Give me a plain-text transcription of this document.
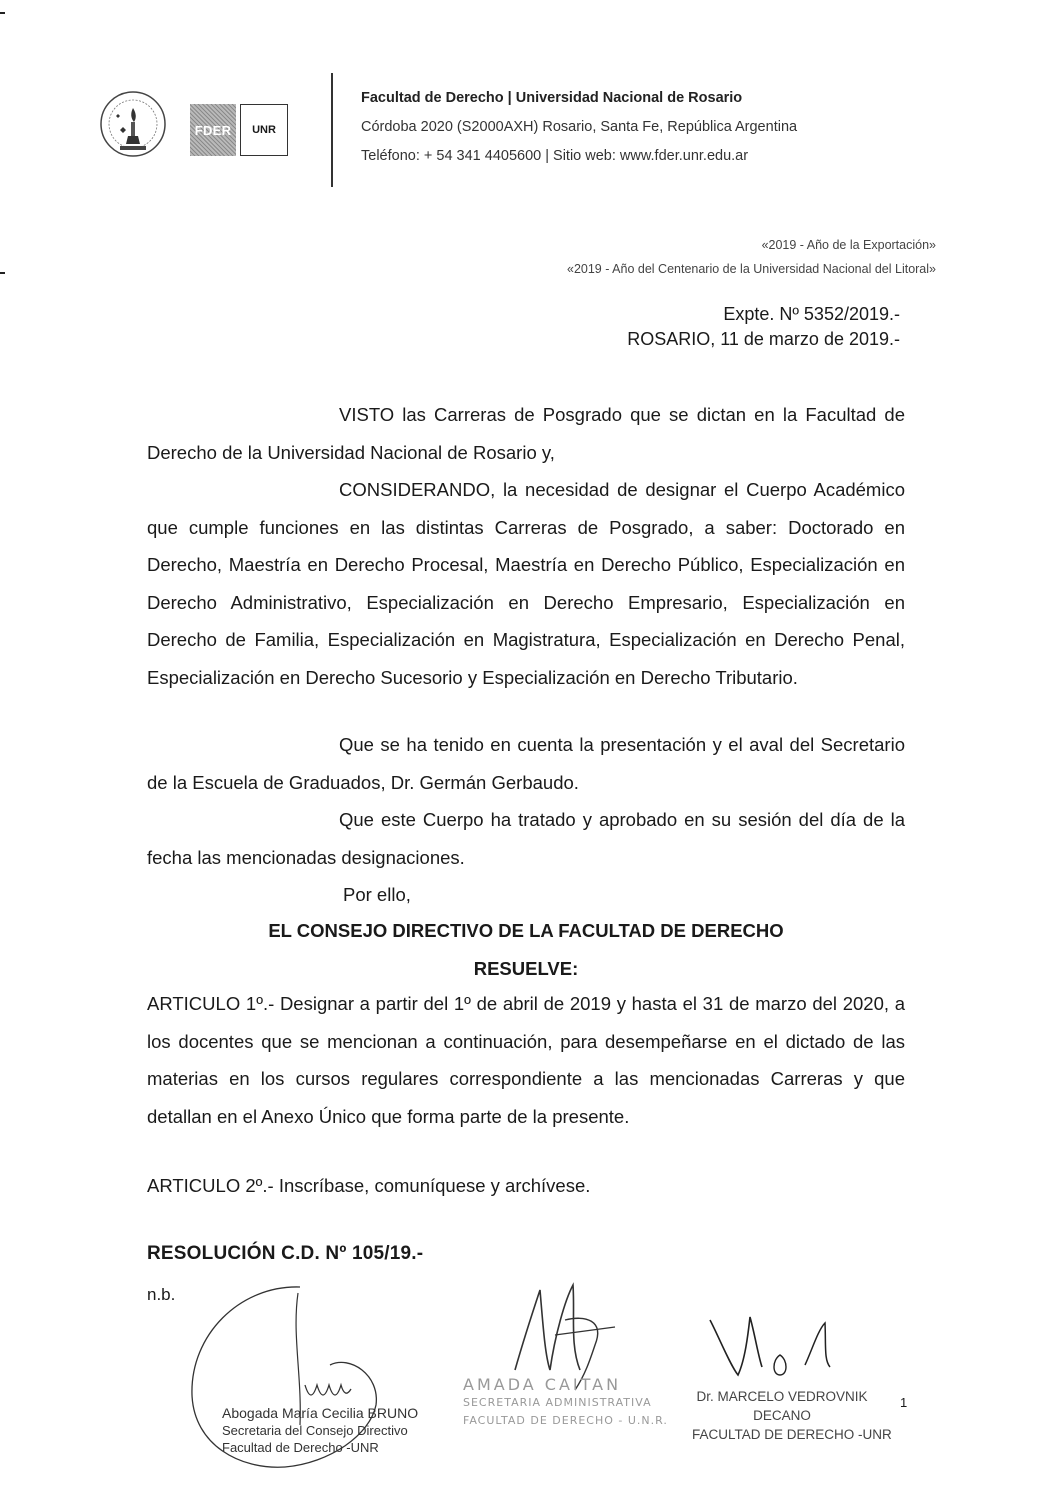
FDER	UNR
Facultad de Derecho | Universidad Nacional de Rosario
Córdoba 2020 (S2000AXH) Rosario, Santa Fe, República Argentina
Teléfono: + 54 341 4405600 | Sitio web: www.fder.unr.edu.ar
«2019 - Año de la Exportación»
«2019 - Año del Centenario de la Universidad Nacional del Litoral»
Expte. Nº 5352/2019.-
ROSARIO, 11 de marzo de 2019.-
VISTO las Carreras de Posgrado que se dictan en la Facultad de Derecho de la Universidad Nacional de Rosario y,
CONSIDERANDO, la necesidad de designar el Cuerpo Académico que cumple funciones en las distintas Carreras de Posgrado, a saber: Doctorado en Derecho, Maestría en Derecho Procesal, Maestría en Derecho Público, Especialización en Derecho Administrativo, Especialización en Derecho Empresario, Especialización en Derecho de Familia, Especialización en Magistratura, Especialización en Derecho Penal, Especialización en Derecho Sucesorio y Especialización en Derecho Tributario.
Que se ha tenido en cuenta la presentación y el aval del Secretario de la Escuela de Graduados, Dr. Germán Gerbaudo.
Que este Cuerpo ha tratado y aprobado en su sesión del día de la fecha las mencionadas designaciones.
Por ello,
EL CONSEJO DIRECTIVO DE LA FACULTAD DE DERECHO
RESUELVE:
ARTICULO 1º.- Designar a partir del 1º de abril de 2019 y hasta el 31 de marzo del 2020, a los docentes que se mencionan a continuación, para desempeñarse en el dictado de las materias en los cursos regulares correspondiente a las mencionadas Carreras y que detallan en el Anexo Único que forma parte de la presente.
ARTICULO 2º.- Inscríbase, comuníquese y archívese.
RESOLUCIÓN C.D. Nº 105/19.-
n.b.
Abogada María Cecilia BRUNO
Secretaria del Consejo Directivo
Facultad de Derecho -UNR
AMADA CAITAN
SECRETARIA ADMINISTRATIVA
FACULTAD DE DERECHO - U.N.R.
Dr. MARCELO VEDROVNIK
DECANO
FACULTAD DE DERECHO -UNR
1
